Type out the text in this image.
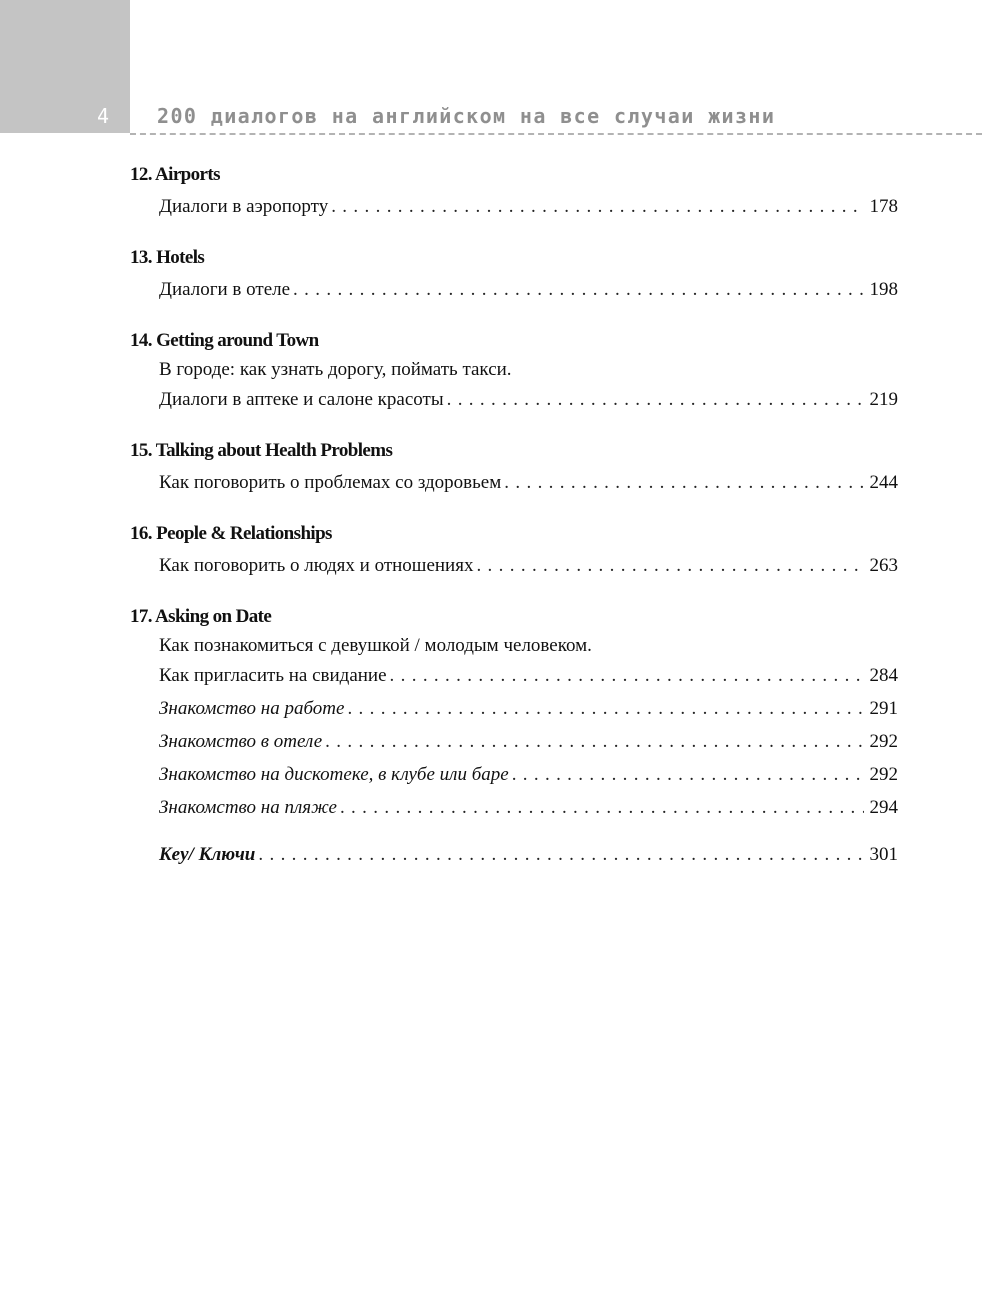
4 200 диалогов на английском на все случаи жизни
12. Airports
Диалоги в аэропорту . . .	178
13. Hotels
Диалоги в отеле . . .	198
14. Getting around Town
В городе: как узнать дорогу, поймать такси.
Диалоги в аптеке и салоне красоты . . .	219
15. Talking about Health Problems
Как поговорить о проблемах со здоровьем . . .	244
16. People & Relationships
Как поговорить о людях и отношениях . . .	263
17. Asking on Date
Как познакомиться с девушкой / молодым человеком.
Как пригласить на свидание . . .	284
Знакомство на работе . . .	291
Знакомство в отеле . . .	292
Знакомство на дискотеке, в клубе или баре . . .	292
Знакомство на пляже . . .	294
Key/ Ключи . . .	301
